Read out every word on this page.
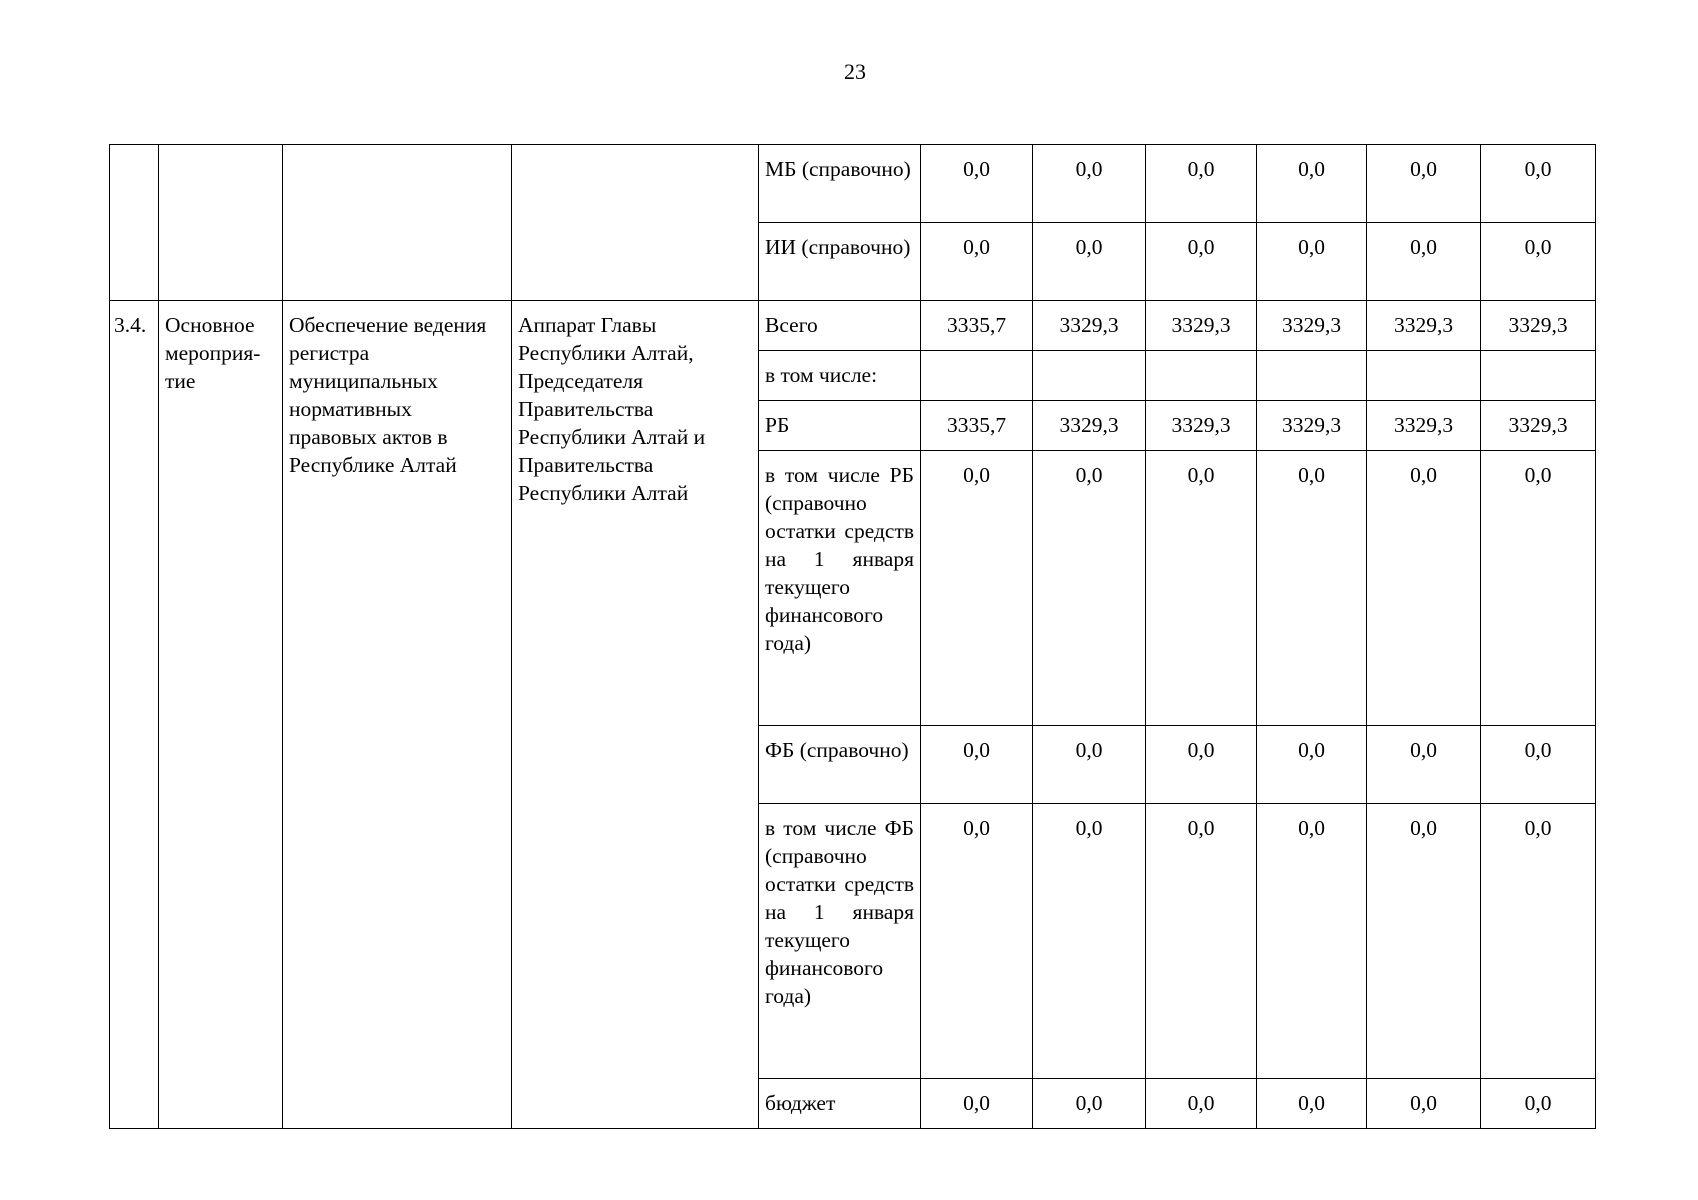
23
				МБ (справочно)	0,0	0,0	0,0	0,0	0,0	0,0
				ИИ (справочно)	0,0	0,0	0,0	0,0	0,0	0,0
3.4.	Основное мероприя-тие	Обеспечение ведения регистра муниципальных нормативных правовых актов в Республике Алтай	Аппарат Главы Республики Алтай, Председателя Правительства Республики Алтай и Правительства Республики Алтай	Всего	3335,7	3329,3	3329,3	3329,3	3329,3	3329,3
				в том числе:						
				РБ	3335,7	3329,3	3329,3	3329,3	3329,3	3329,3
				в том числе РБ (справочно остатки средств на 1 января текущего финансового года)	0,0	0,0	0,0	0,0	0,0	0,0
				ФБ (справочно)	0,0	0,0	0,0	0,0	0,0	0,0
				в том числе ФБ (справочно остатки средств на 1 января текущего финансового года)	0,0	0,0	0,0	0,0	0,0	0,0
				бюджет	0,0	0,0	0,0	0,0	0,0	0,0
